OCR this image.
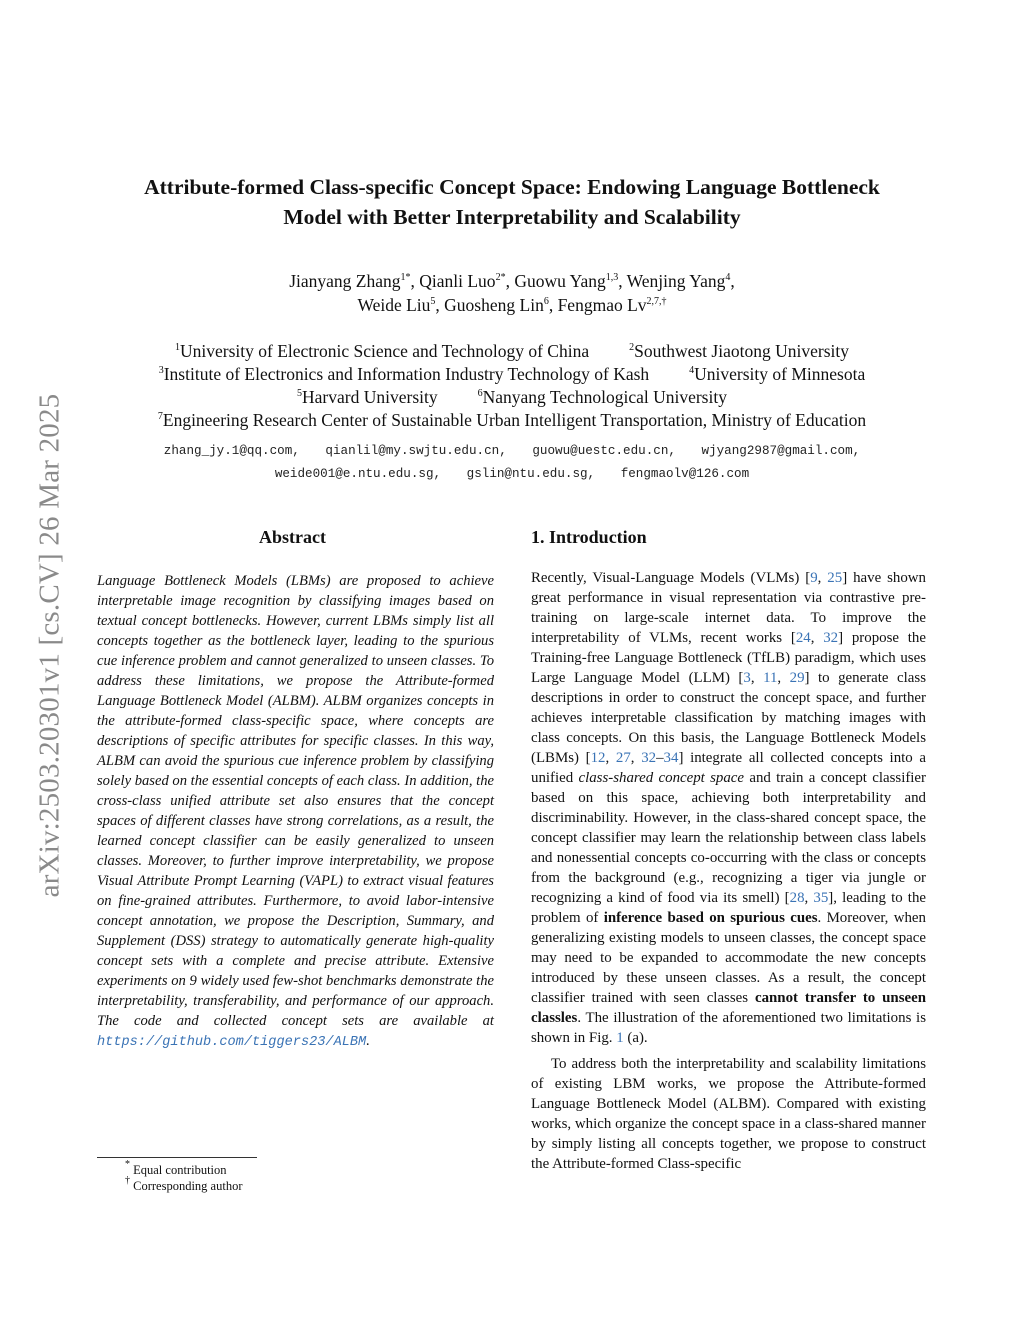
arXiv:2503.20301v1 [cs.CV] 26 Mar 2025
Attribute-formed Class-specific Concept Space: Endowing Language Bottleneck
Model with Better Interpretability and Scalability
Jianyang Zhang$^{1*}$, Qianli Luo$^{2*}$, Guowu Yang$^{1,3}$, Wenjing Yang$^4$,
Weide Liu$^5$, Guosheng Lin$^6$, Fengmao $Lv^{2,7,\dagger}$
$^1$University of Electronic Science and Technology of China	$^2$Southwest Jiaotong University
$^3$Institute of Electronics and Information Industry Technology of Kash	$^4$University of Minnesota
$^5$Harvard University	$^6$Nanyang Technological University
$^7$Engineering Research Center of Sustainable Urban Intelligent Transportation, Ministry of Education
zhang_jy.1@qq.com, qianlil@my.swjtu.edu.cn, guowu@uestc.edu.cn, wjyang2987@gmail.com,
weide001@e.ntu.edu.sg, gslin@ntu.edu.sg, fengmaolv@126.com
Abstract

Language Bottleneck Models (LBMs) are proposed to achieve interpretable image recognition by classifying images based on textual concept bottlenecks. However, current LBMs simply list all concepts together as the bottleneck layer, leading to the spurious cue inference problem and cannot generalized to unseen classes. To address these limitations, we propose the Attribute-formed Language Bottleneck Model (ALBM). ALBM organizes concepts in the attribute-formed class-specific space, where concepts are descriptions of specific attributes for specific classes. In this way, ALBM can avoid the spurious cue inference problem by classifying solely based on the essential concepts of each class. In addition, the cross-class unified attribute set also ensures that the concept spaces of different classes have strong correlations, as a result, the learned concept classifier can be easily generalized to unseen classes. Moreover, to further improve interpretability, we propose Visual Attribute Prompt Learning (VAPL) to extract visual features on fine-grained attributes. Furthermore, to avoid labor-intensive concept annotation, we propose the Description, Summary, and Supplement (DSS) strategy to automatically generate high-quality concept sets with a complete and precise attribute. Extensive experiments on 9 widely used few-shot benchmarks demonstrate the interpretability, transferability, and performance of our approach. The code and collected concept sets are available at https://github.com/tiggers23/ALBM.

* Equal contribution
† Corresponding author
1. Introduction

Recently, Visual-Language Models (VLMs) [9, 25] have shown great performance in visual representation via contrastive pre-training on large-scale internet data. To improve the interpretability of VLMs, recent works [24, 32] propose the Training-free Language Bottleneck (TfLB) paradigm, which uses Large Language Model (LLM) [3, 11, 29] to generate class descriptions in order to construct the concept space, and further achieves interpretable classification by matching images with class concepts. On this basis, the Language Bottleneck Models (LBMs) [12, 27, 32–34] integrate all collected concepts into a unified class-shared concept space and train a concept classifier based on this space, achieving both interpretability and discriminability. However, in the class-shared concept space, the concept classifier may learn the relationship between class labels and nonessential concepts co-occurring with the class or concepts from the background (e.g., recognizing a tiger via jungle or recognizing a kind of food via its smell) [28, 35], leading to the problem of inference based on spurious cues. Moreover, when generalizing existing models to unseen classes, the concept space may need to be expanded to accommodate the new concepts introduced by these unseen classes. As a result, the concept classifier trained with seen classes cannot transfer to unseen classles. The illustration of the aforementioned two limitations is shown in Fig. 1 (a).

To address both the interpretability and scalability limitations of existing LBM works, we propose the Attribute-formed Language Bottleneck Model (ALBM). Compared with existing works, which organize the concept space in a class-shared manner by simply listing all concepts together, we propose to construct the Attribute-formed Class-specific
